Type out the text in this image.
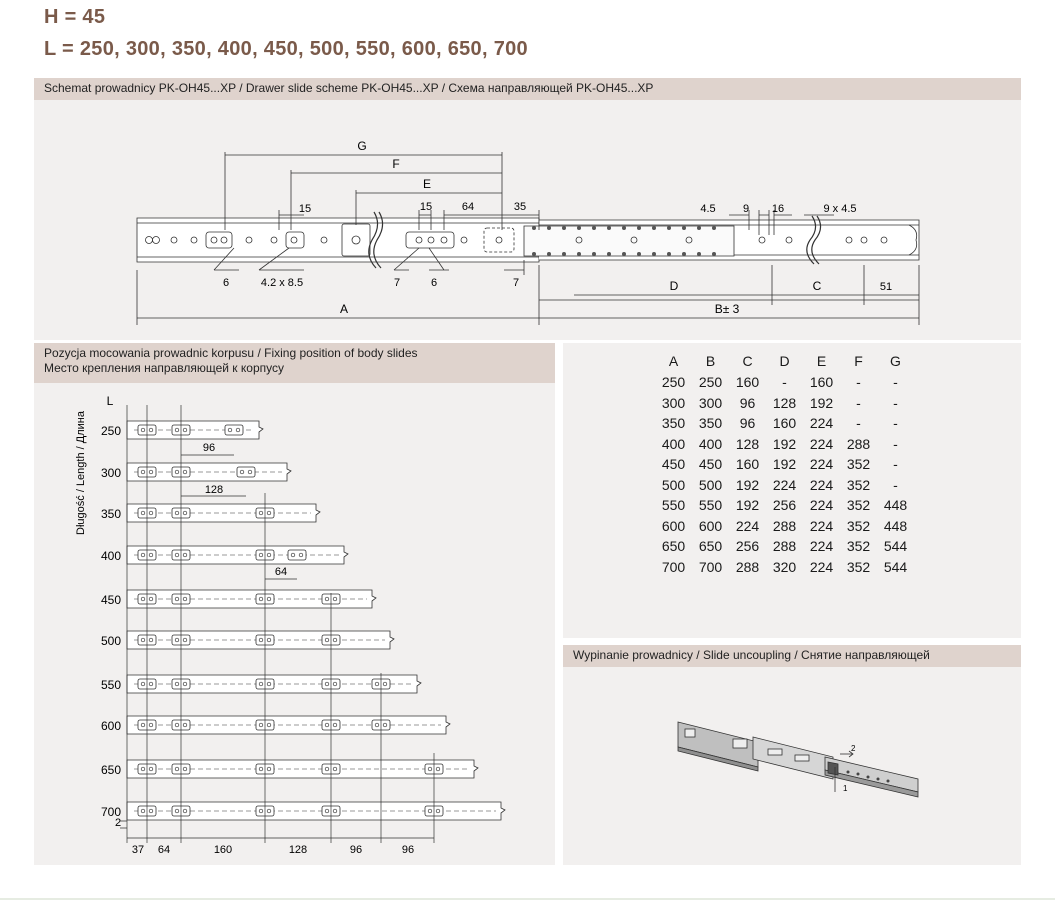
H = 45
L = 250, 300, 350, 400, 450, 500, 550, 600, 650, 700
Schemat prowadnicy PK-OH45...XP / Drawer slide scheme PK-OH45...XP / Схема направляющей PK-OH45...XP
G
F
E
15	15	64	35	4.5 9 16	9 x 4.5
6	4.2 x 8.5	7	6	7	D	C	51
A	B± 3
Pozycja mocowania prowadnic korpusu / Fixing position of body slides
Место крепления направляющей к корпусу
Długość / Length / Длина
L
250
300
350
400
450
500
550
600
650
700
96
128
64
2
37 64	160	128	96	96
A	B	C	D	E	F	G
250	250	160	-	160	-	-
300	300	96	128	192	-	-
350	350	96	160	224	-	-
400	400	128	192	224	288	-
450	450	160	192	224	352	-
500	500	192	224	224	352	-
550	550	192	256	224	352	448
600	600	224	288	224	352	448
650	650	256	288	224	352	544
700	700	288	320	224	352	544
Wypinanie prowadnicy / Slide uncoupling / Снятие направляющей
1
2
